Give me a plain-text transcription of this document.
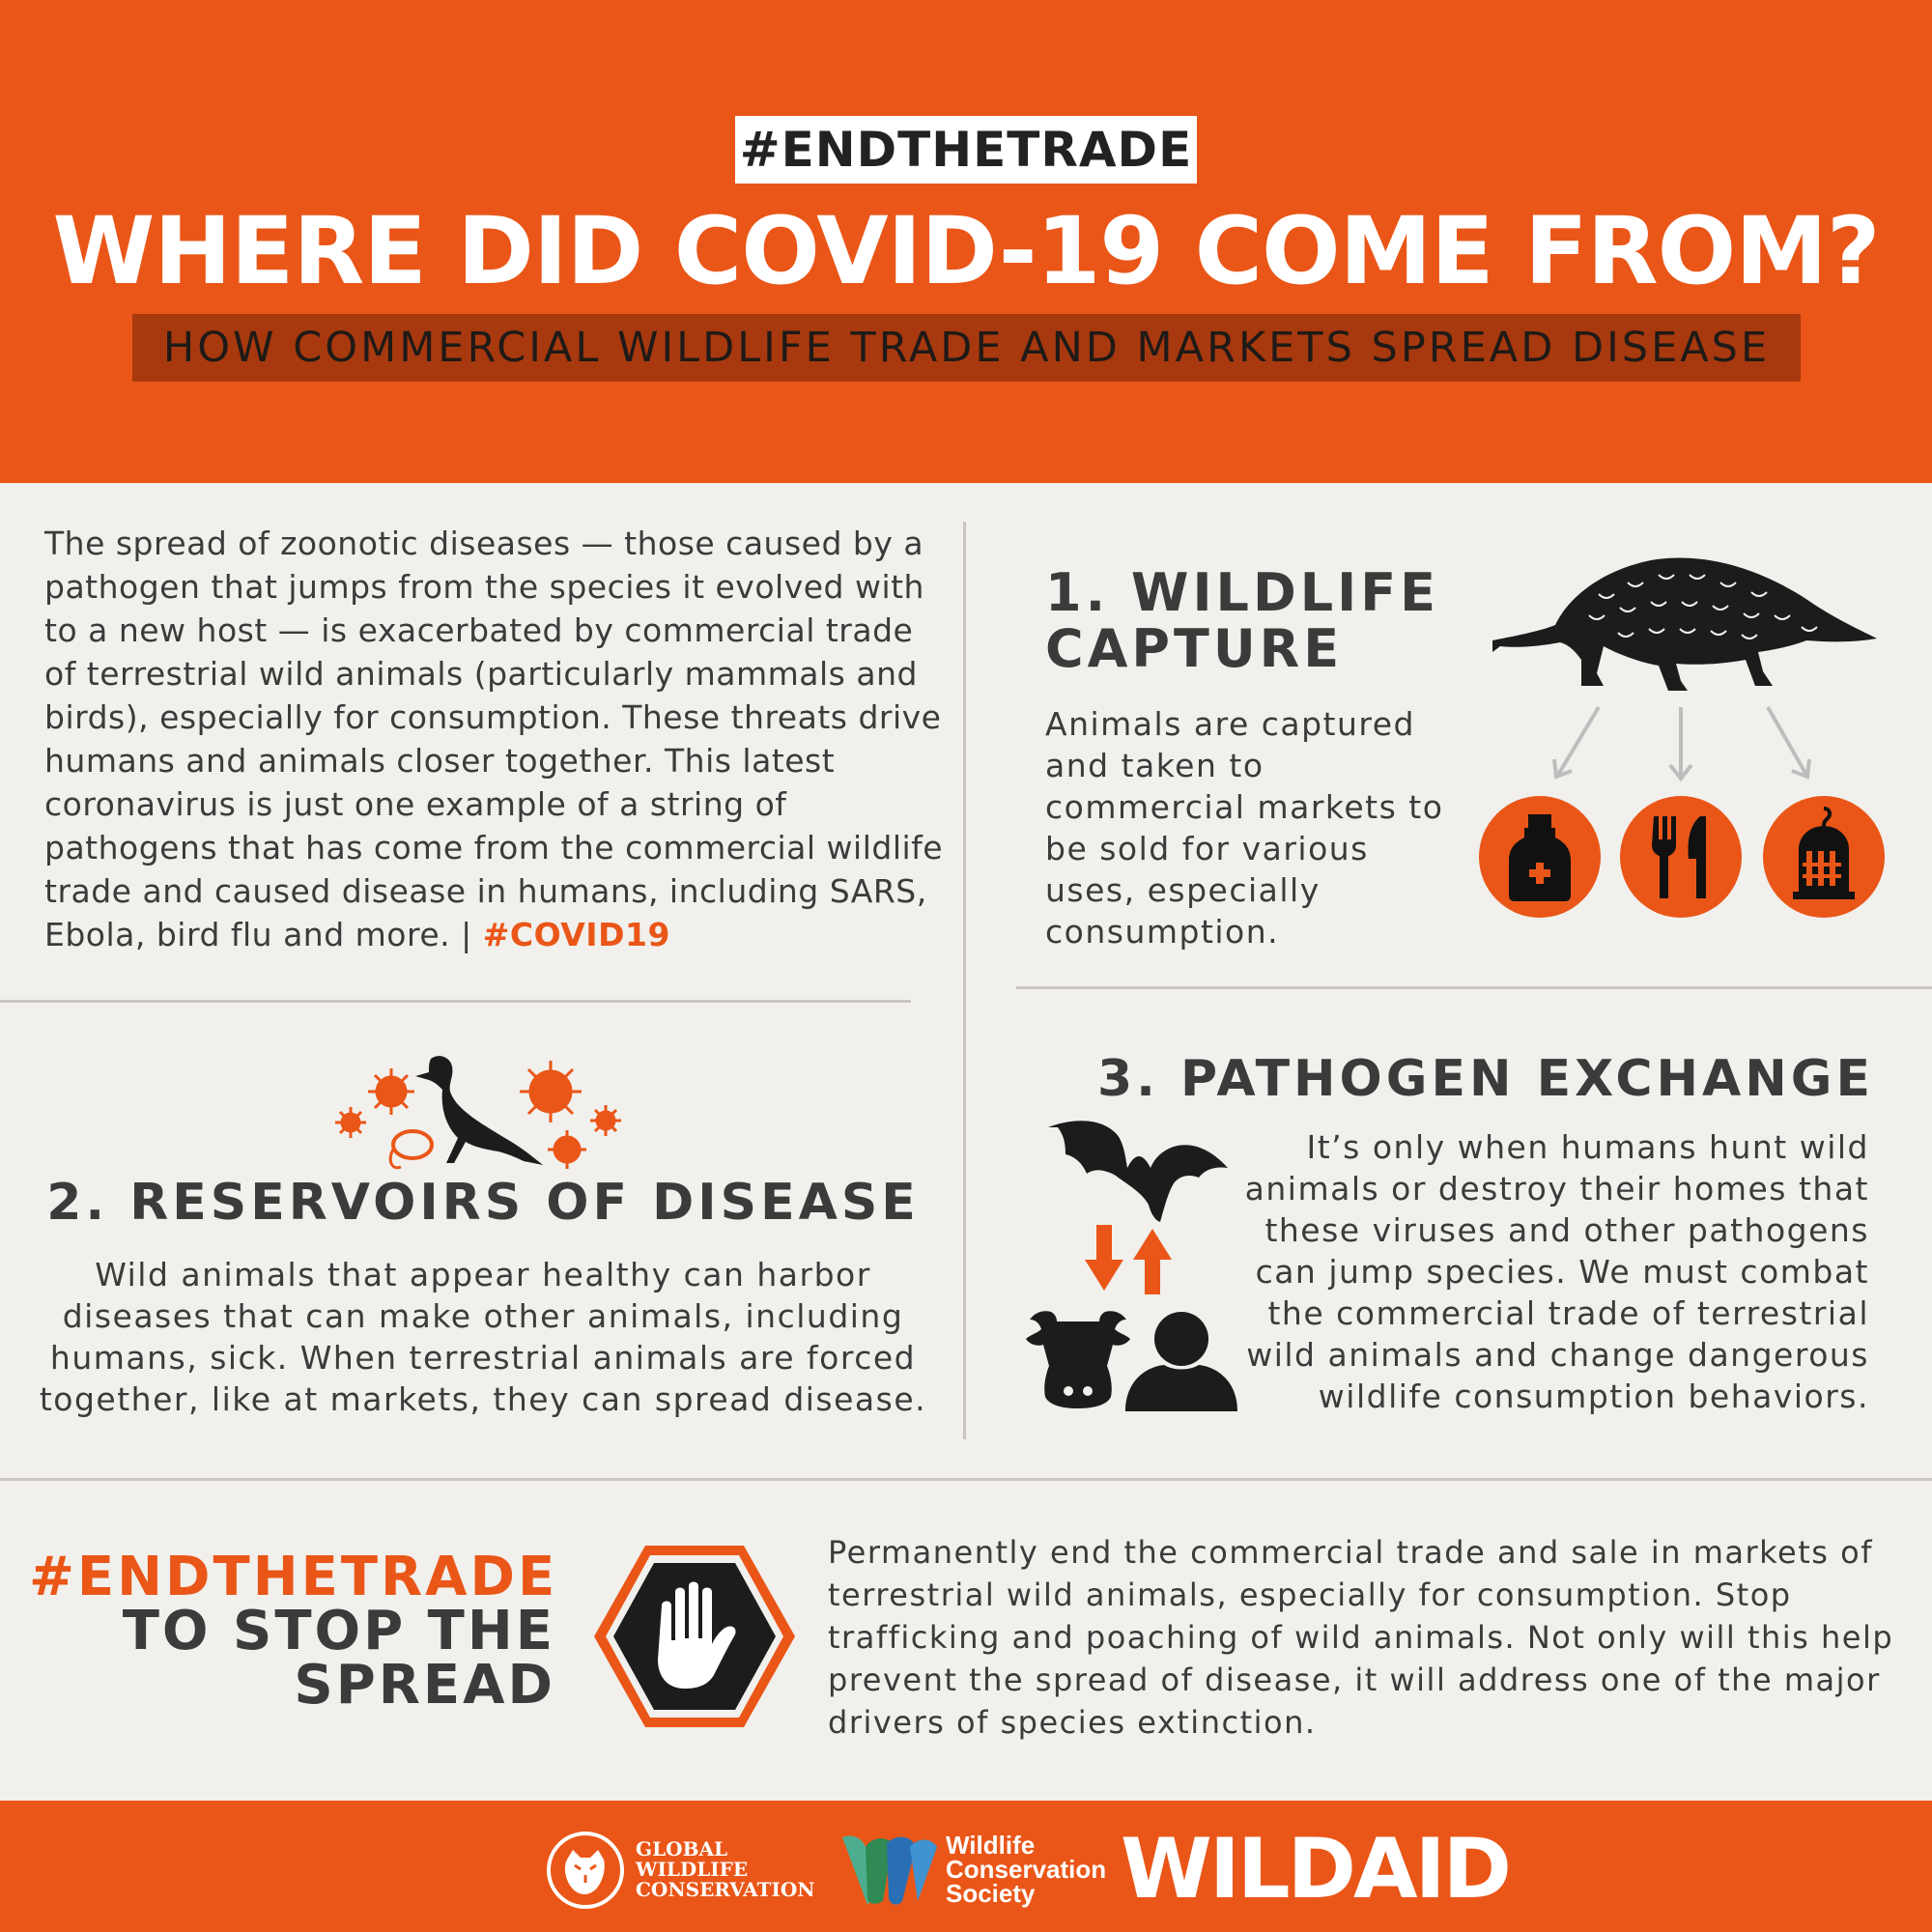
#ENDTHETRADE
WHERE DID COVID-19 COME FROM?
HOW COMMERCIAL WILDLIFE TRADE AND MARKETS SPREAD DISEASE
The spread of zoonotic diseases — those caused by a pathogen that jumps from the species it evolved with to a new host — is exacerbated by commercial trade of terrestrial wild animals (particularly mammals and birds), especially for consumption. These threats drive humans and animals closer together. This latest coronavirus is just one example of a string of pathogens that has come from the commercial wildlife trade and caused disease in humans, including SARS, Ebola, bird flu and more. | #COVID19
1. WILDLIFE CAPTURE
Animals are captured and taken to commercial markets to be sold for various uses, especially consumption.
2. RESERVOIRS OF DISEASE
Wild animals that appear healthy can harbor diseases that can make other animals, including humans, sick. When terrestrial animals are forced together, like at markets, they can spread disease.
3. PATHOGEN EXCHANGE
It’s only when humans hunt wild animals or destroy their homes that these viruses and other pathogens can jump species. We must combat the commercial trade of terrestrial wild animals and change dangerous wildlife consumption behaviors.
#ENDTHETRADE
TO STOP THE
SPREAD
Permanently end the commercial trade and sale in markets of terrestrial wild animals, especially for consumption. Stop trafficking and poaching of wild animals. Not only will this help prevent the spread of disease, it will address one of the major drivers of species extinction.
GLOBAL
WILDLIFE
CONSERVATION
Wildlife
Conservation
Society	WILDAID
